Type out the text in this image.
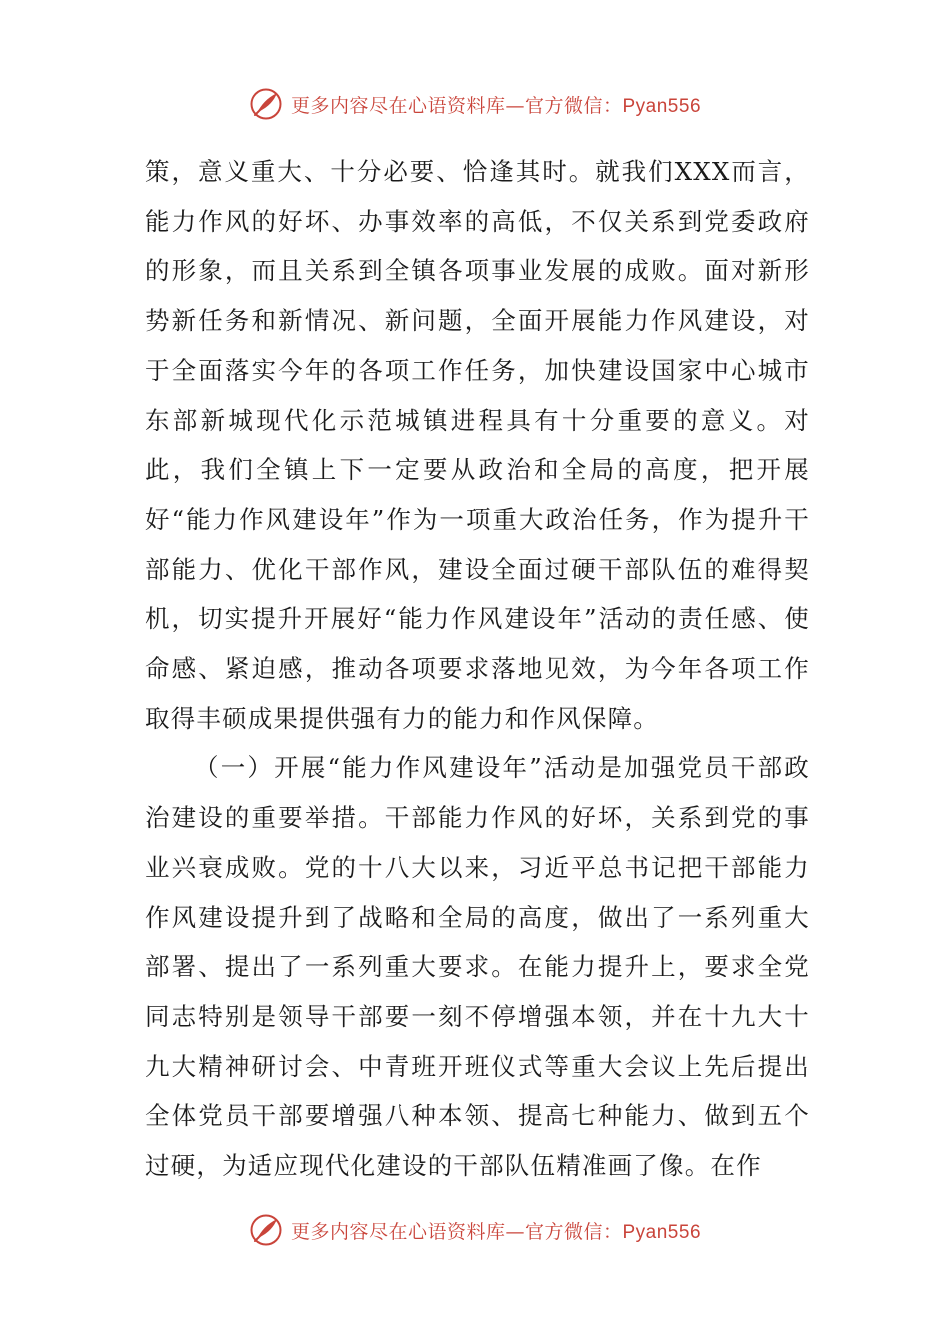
更多内容尽在心语资料库—官方微信：Pyan556

策，意义重大、十分必要、恰逢其时。就我们XXX而言，能力作风的好坏、办事效率的高低，不仅关系到党委政府的形象，而且关系到全镇各项事业发展的成败。面对新形势新任务和新情况、新问题，全面开展能力作风建设，对于全面落实今年的各项工作任务，加快建设国家中心城市东部新城现代化示范城镇进程具有十分重要的意义。对此，我们全镇上下一定要从政治和全局的高度，把开展好“能力作风建设年”作为一项重大政治任务，作为提升干部能力、优化干部作风，建设全面过硬干部队伍的难得契机，切实提升开展好“能力作风建设年”活动的责任感、使命感、紧迫感，推动各项要求落地见效，为今年各项工作取得丰硕成果提供强有力的能力和作风保障。

（一）开展“能力作风建设年”活动是加强党员干部政治建设的重要举措。干部能力作风的好坏，关系到党的事业兴衰成败。党的十八大以来，习近平总书记把干部能力作风建设提升到了战略和全局的高度，做出了一系列重大部署、提出了一系列重大要求。在能力提升上，要求全党同志特别是领导干部要一刻不停增强本领，并在十九大十九大精神研讨会、中青班开班仪式等重大会议上先后提出全体党员干部要增强八种本领、提高七种能力、做到五个过硬，为适应现代化建设的干部队伍精准画了像。在作

更多内容尽在心语资料库—官方微信：Pyan556
